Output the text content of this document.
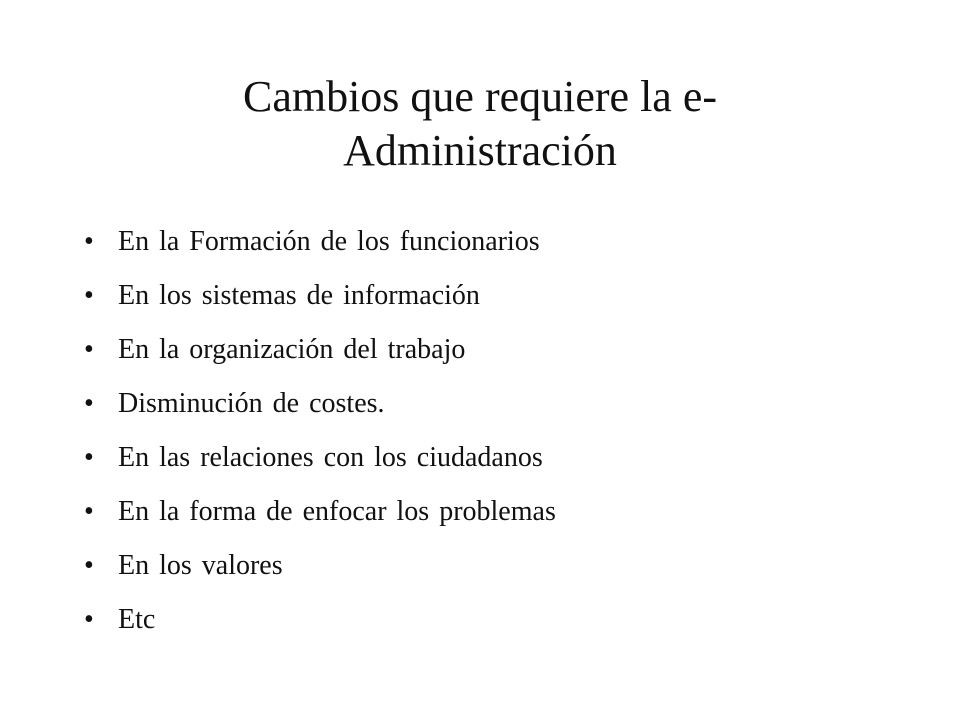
Cambios que requiere la e-
Administración
• En la Formación de los funcionarios
• En los sistemas de información
• En la organización del trabajo
• Disminución de costes.
• En las relaciones con los ciudadanos
• En la forma de enfocar los problemas
• En los valores
• Etc
